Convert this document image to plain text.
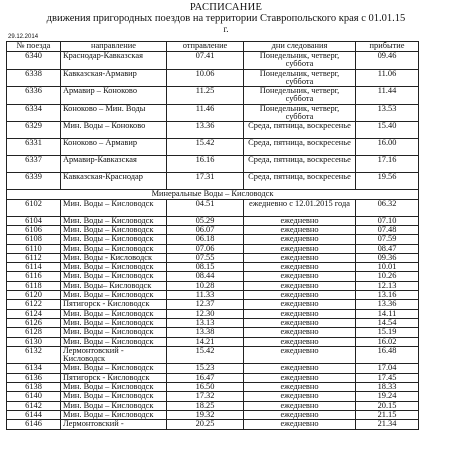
РАСПИСАНИЕ
движения пригородных поездов на территории Ставропольского края с 01.01.15
г.
29.12.2014
№ поезда	направление	отправление	дни следования	прибытие
6340	Краснодар-Кавказская	07.41	Понедельник, четверг, суббота	09.46
6338	Кавказская-Армавир	10.06	Понедельник, четверг, суббота	11.06
6336	Армавир – Коноково	11.25	Понедельник, четверг, суббота	11.44
6334	Коноково – Мин. Воды	11.46	Понедельник, четверг, суббота	13.53
6329	Мин. Воды – Коноково	13.36	Среда, пятница, воскресенье	15.40
6331	Коноково – Армавир	15.42	Среда, пятница, воскресенье	16.00
6337	Армавир-Кавказская	16.16	Среда, пятница, воскресенье	17.16
6339	Кавказская-Краснодар	17.31	Среда, пятница, воскресенье	19.56
Минеральные Воды – Кисловодск				
6102	Мин. Воды – Кисловодск	04.51	ежедневно с 12.01.2015 года	06.32
6104	Мин. Воды – Кисловодск	05.29	ежедневно	07.10
6106	Мин. Воды – Кисловодск	06.07	ежедневно	07.48
6108	Мин. Воды – Кисловодск	06.18	ежедневно	07.59
6110	Мин. Воды – Кисловодск	07.06	ежедневно	08.47
6112	Мин. Воды - Кисловодск	07.55	ежедневно	09.36
6114	Мин. Воды – Кисловодск	08.15	ежедневно	10.01
6116	Мин. Воды – Кисловодск	08.44	ежедневно	10.26
6118	Мин. Воды– Кисловодск	10.28	ежедневно	12.13
6120	Мин. Воды – Кисловодск	11.33	ежедневно	13.16
6122	Пятигорск - Кисловодск	12.37	ежедневно	13.36
6124	Мин. Воды – Кисловодск	12.30	ежедневно	14.11
6126	Мин. Воды – Кисловодск	13.13	ежедневно	14.54
6128	Мин. Воды – Кисловодск	13.38	ежедневно	15.19
6130	Мин. Воды – Кисловодск	14.21	ежедневно	16.02
6132	Лермонтовский - Кисловодск	15.42	ежедневно	16.48
6134	Мин. Воды – Кисловодск	15.23	ежедневно	17.04
6136	Пятигорск - Кисловодск	16.47	ежедневно	17.45
6138	Мин. Воды – Кисловодск	16.50	ежедневно	18.33
6140	Мин. Воды – Кисловодск	17.32	ежедневно	19.24
6142	Мин. Воды – Кисловодск	18.25	ежедневно	20.15
6144	Мин. Воды – Кисловодск	19.32	ежедневно	21.15
6146	Лермонтовский -	20.25	ежедневно	21.34
